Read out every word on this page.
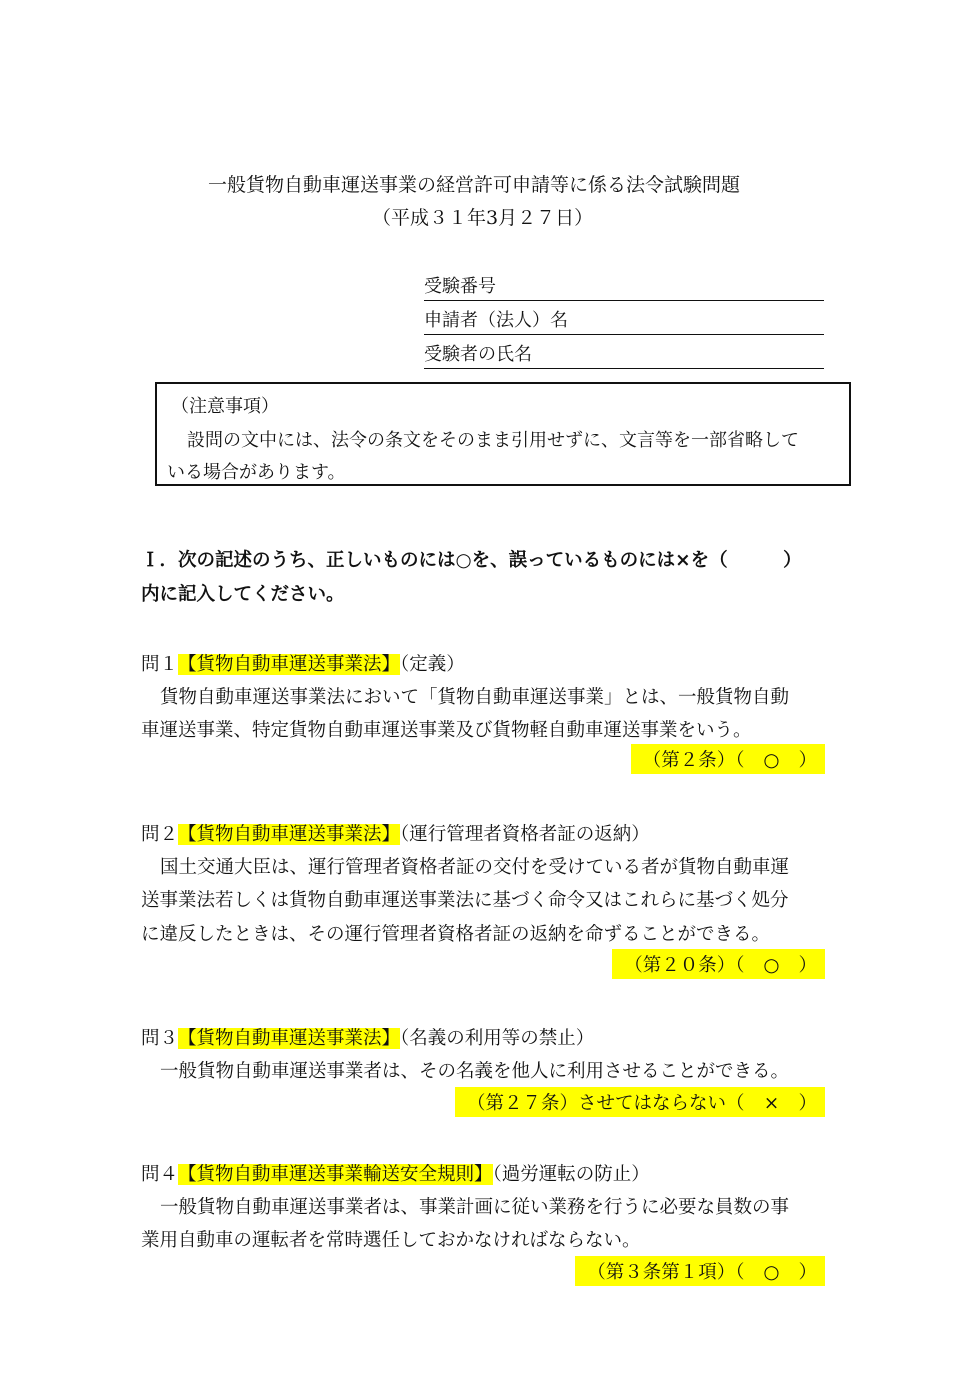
一般貨物自動車運送事業の経営許可申請等に係る法令試験問題
（平成３１年3月２７日）
受験番号
申請者（法人）名
受験者の氏名
（注意事項）
設問の文中には、法令の条文をそのまま引用せずに、文言等を一部省略して
いる場合があります。
Ｉ．次の記述のうち、正しいものには○を、誤っているものには×を（　　　）
内に記入してください。
問１【貨物自動車運送事業法】（定義）
貨物自動車運送事業法において「貨物自動車運送事業」とは、一般貨物自動
車運送事業、特定貨物自動車運送事業及び貨物軽自動車運送事業をいう。
（第２条）（ ○ ）
問２【貨物自動車運送事業法】（運行管理者資格者証の返納）
国土交通大臣は、運行管理者資格者証の交付を受けている者が貨物自動車運
送事業法若しくは貨物自動車運送事業法に基づく命令又はこれらに基づく処分
に違反したときは、その運行管理者資格者証の返納を命ずることができる。
（第２０条）（ ○ ）
問３【貨物自動車運送事業法】（名義の利用等の禁止）
一般貨物自動車運送事業者は、その名義を他人に利用させることができる。
（第２７条）させてはならない（ × ）
問４【貨物自動車運送事業輸送安全規則】（過労運転の防止）
一般貨物自動車運送事業者は、事業計画に従い業務を行うに必要な員数の事
業用自動車の運転者を常時選任しておかなければならない。
（第３条第１項）（ ○ ）
